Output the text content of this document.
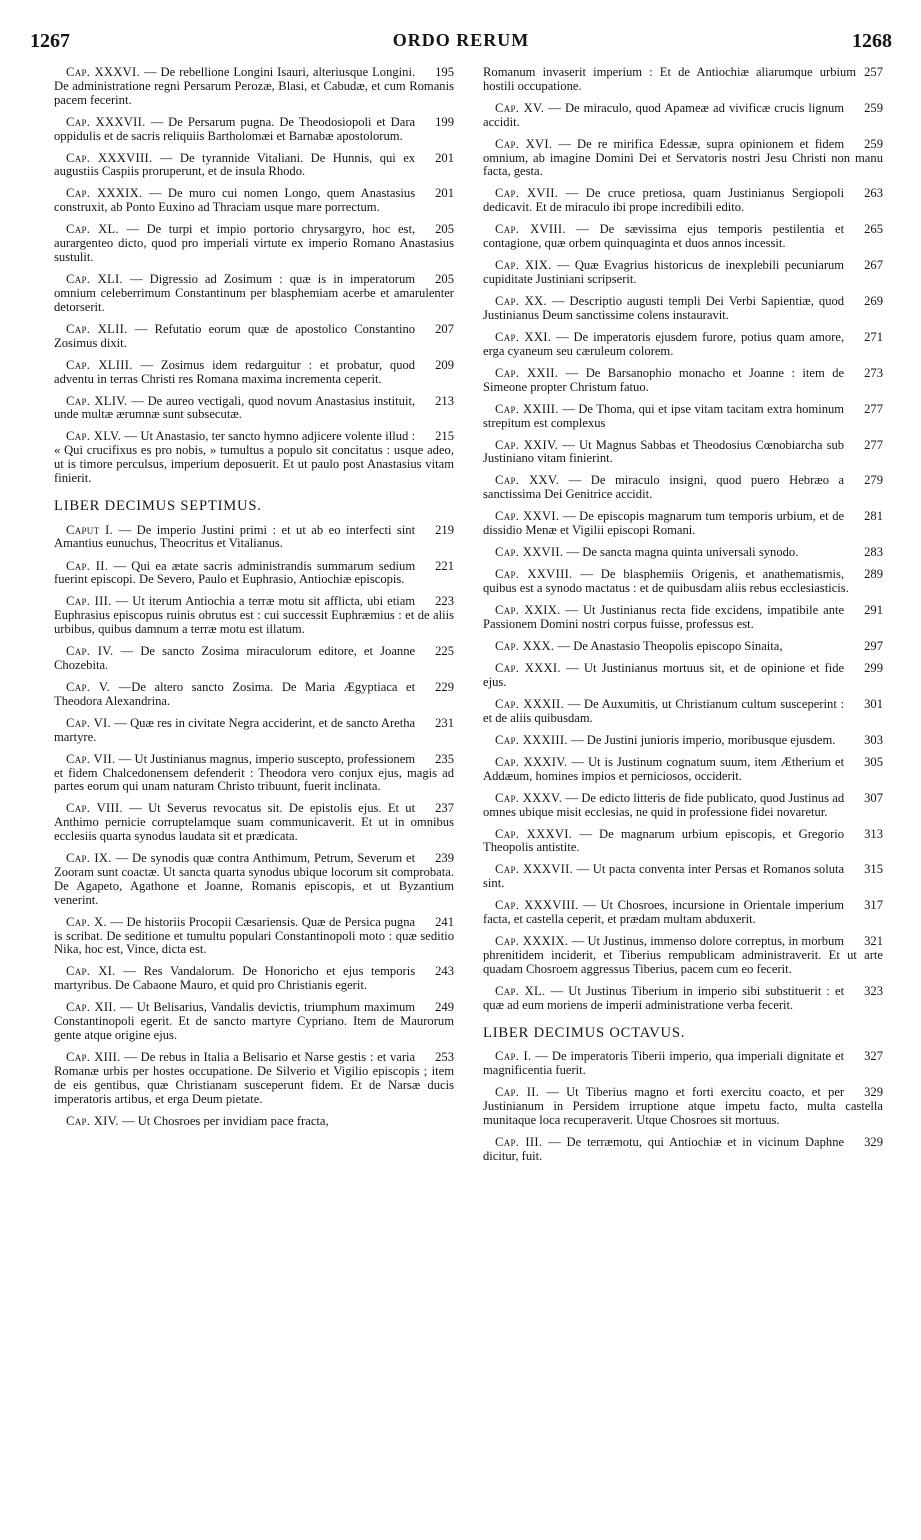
1267	ORDO RERUM	1268

195
Cap. XXXVI. — De rebellione Longini Isauri, alteriusque Longini. De administratione regni Persarum Perozæ, Blasi, et Cabudæ, et cum Romanis pacem fecerint.

199
Cap. XXXVII. — De Persarum pugna. De Theodosiopoli et Dara oppidulis et de sacris reliquiis Bartholomæi et Barnabæ apostolorum.

201
Cap. XXXVIII. — De tyrannide Vitaliani. De Hunnis, qui ex augustiis Caspiis proruperunt, et de insula Rhodo.

201
Cap. XXXIX. — De muro cui nomen Longo, quem Anastasius construxit, ab Ponto Euxino ad Thraciam usque mare porrectum.

205
Cap. XL. — De turpi et impio portorio chrysargyro, hoc est, aurargenteo dicto, quod pro imperiali virtute ex imperio Romano Anastasius sustulit.

205
Cap. XLI. — Digressio ad Zosimum : quæ is in imperatorum omnium celeberrimum Constantinum per blasphemiam acerbe et amarulenter detorserit.

207
Cap. XLII. — Refutatio eorum quæ de apostolico Constantino Zosimus dixit.

209
Cap. XLIII. — Zosimus idem redarguitur : et probatur, quod adventu in terras Christi res Romana maxima incrementa ceperit.

213
Cap. XLIV. — De aureo vectigali, quod novum Anastasius instituit, unde multæ ærumnæ sunt subsecutæ.

215
Cap. XLV. — Ut Anastasio, ter sancto hymno adjicere volente illud : « Qui crucifixus es pro nobis, » tumultus a populo sit concitatus : usque adeo, ut is timore perculsus, imperium deposuerit. Et ut paulo post Anastasius vitam finierit.

LIBER DECIMUS SEPTIMUS.

219
Caput I. — De imperio Justini primi : et ut ab eo interfecti sint Amantius eunuchus, Theocritus et Vitalianus.

221
Cap. II. — Qui ea ætate sacris administrandis summarum sedium fuerint episcopi. De Severo, Paulo et Euphrasio, Antiochiæ episcopis.

223
Cap. III. — Ut iterum Antiochia a terræ motu sit afflicta, ubi etiam Euphrasius episcopus ruinis obrutus est : cui successit Euphræmius : et de aliis urbibus, quibus damnum a terræ motu est illatum.

225
Cap. IV. — De sancto Zosima miraculorum editore, et Joanne Chozebita.

229
Cap. V. —De altero sancto Zosima. De Maria Ægyptiaca et Theodora Alexandrina.

231
Cap. VI. — Quæ res in civitate Negra acciderint, et de sancto Aretha martyre.

235
Cap. VII. — Ut Justinianus magnus, imperio suscepto, professionem et fidem Chalcedonensem defenderit : Theodora vero conjux ejus, magis ad partes eorum qui unam naturam Christo tribuunt, fuerit inclinata.

237
Cap. VIII. — Ut Severus revocatus sit. De epistolis ejus. Et ut Anthimo pernicie corruptelamque suam communicaverit. Et ut in omnibus ecclesiis quarta synodus laudata sit et prædicata.

239
Cap. IX. — De synodis quæ contra Anthimum, Petrum, Severum et Zooram sunt coactæ. Ut sancta quarta synodus ubique locorum sit comprobata. De Agapeto, Agathone et Joanne, Romanis episcopis, et ut Byzantium venerint.

241
Cap. X. — De historiis Procopii Cæsariensis. Quæ de Persica pugna is scribat. De seditione et tumultu populari Constantinopoli moto : quæ seditio Nika, hoc est, Vince, dicta est.

243
Cap. XI. — Res Vandalorum. De Honoricho et ejus temporis martyribus. De Cabaone Mauro, et quid pro Christianis egerit.

249
Cap. XII. — Ut Belisarius, Vandalis devictis, triumphum maximum Constantinopoli egerit. Et de sancto martyre Cypriano. Item de Maurorum gente atque origine ejus.

253
Cap. XIII. — De rebus in Italia a Belisario et Narse gestis : et varia Romanæ urbis per hostes occupatione. De Silverio et Vigilio episcopis ; item de eis gentibus, quæ Christianam susceperunt fidem. Et de Narsæ ducis imperatoris artibus, et erga Deum pietate.

Cap. XIV. — Ut Chosroes per invidiam pace fracta,

257
Romanum invaserit imperium : Et de Antiochiæ aliarumque urbium hostili occupatione.

259
Cap. XV. — De miraculo, quod Apameæ ad vivificæ crucis lignum accidit.

259
Cap. XVI. — De re mirifica Edessæ, supra opinionem et fidem omnium, ab imagine Domini Dei et Servatoris nostri Jesu Christi non manu facta, gesta.

263
Cap. XVII. — De cruce pretiosa, quam Justinianus Sergiopoli dedicavit. Et de miraculo ibi prope incredibili edito.

265
Cap. XVIII. — De sævissima ejus temporis pestilentia et contagione, quæ orbem quinquaginta et duos annos incessit.

267
Cap. XIX. — Quæ Evagrius historicus de inexplebili pecuniarum cupiditate Justiniani scripserit.

269
Cap. XX. — Descriptio augusti templi Dei Verbi Sapientiæ, quod Justinianus Deum sanctissime colens instauravit.

271
Cap. XXI. — De imperatoris ejusdem furore, potius quam amore, erga cyaneum seu cæruleum colorem.

273
Cap. XXII. — De Barsanophio monacho et Joanne : item de Simeone propter Christum fatuo.

277
Cap. XXIII. — De Thoma, qui et ipse vitam tacitam extra hominum strepitum est complexus

277
Cap. XXIV. — Ut Magnus Sabbas et Theodosius Cœnobiarcha sub Justiniano vitam finierint.

279
Cap. XXV. — De miraculo insigni, quod puero Hebræo a sanctissima Dei Genitrice accidit.

281
Cap. XXVI. — De episcopis magnarum tum temporis urbium, et de dissidio Menæ et Vigilii episcopi Romani.

283
Cap. XXVII. — De sancta magna quinta universali synodo.

289
Cap. XXVIII. — De blasphemiis Origenis, et anathematismis, quibus est a synodo mactatus : et de quibusdam aliis rebus ecclesiasticis.

291
Cap. XXIX. — Ut Justinianus recta fide excidens, impatibile ante Passionem Domini nostri corpus fuisse, professus est.

297
Cap. XXX. — De Anastasio Theopolis episcopo Sinaita,

299
Cap. XXXI. — Ut Justinianus mortuus sit, et de opinione et fide ejus.

301
Cap. XXXII. — De Auxumitis, ut Christianum cultum susceperint : et de aliis quibusdam.

303
Cap. XXXIII. — De Justini junioris imperio, moribusque ejusdem.

305
Cap. XXXIV. — Ut is Justinum cognatum suum, item Ætherium et Addæum, homines impios et perniciosos, occiderit.

307
Cap. XXXV. — De edicto litteris de fide publicato, quod Justinus ad omnes ubique misit ecclesias, ne quid in professione fidei novaretur.

313
Cap. XXXVI. — De magnarum urbium episcopis, et Gregorio Theopolis antistite.

315
Cap. XXXVII. — Ut pacta conventa inter Persas et Romanos soluta sint.

317
Cap. XXXVIII. — Ut Chosroes, incursione in Orientale imperium facta, et castella ceperit, et prædam multam abduxerit.

321
Cap. XXXIX. — Ut Justinus, immenso dolore correptus, in morbum phrenitidem inciderit, et Tiberius rempublicam administraverit. Et ut arte quadam Chosroem aggressus Tiberius, pacem cum eo fecerit.

323
Cap. XL. — Ut Justinus Tiberium in imperio sibi substituerit : et quæ ad eum moriens de imperii administratione verba fecerit.

LIBER DECIMUS OCTAVUS.

327
Cap. I. — De imperatoris Tiberii imperio, qua imperiali dignitate et magnificentia fuerit.

329
Cap. II. — Ut Tiberius magno et forti exercitu coacto, et per Justinianum in Persidem irruptione atque impetu facto, multa castella munitaque loca recuperaverit. Utque Chosroes sit mortuus.

329
Cap. III. — De terræmotu, qui Antiochiæ et in vicinum Daphne dicitur, fuit.
